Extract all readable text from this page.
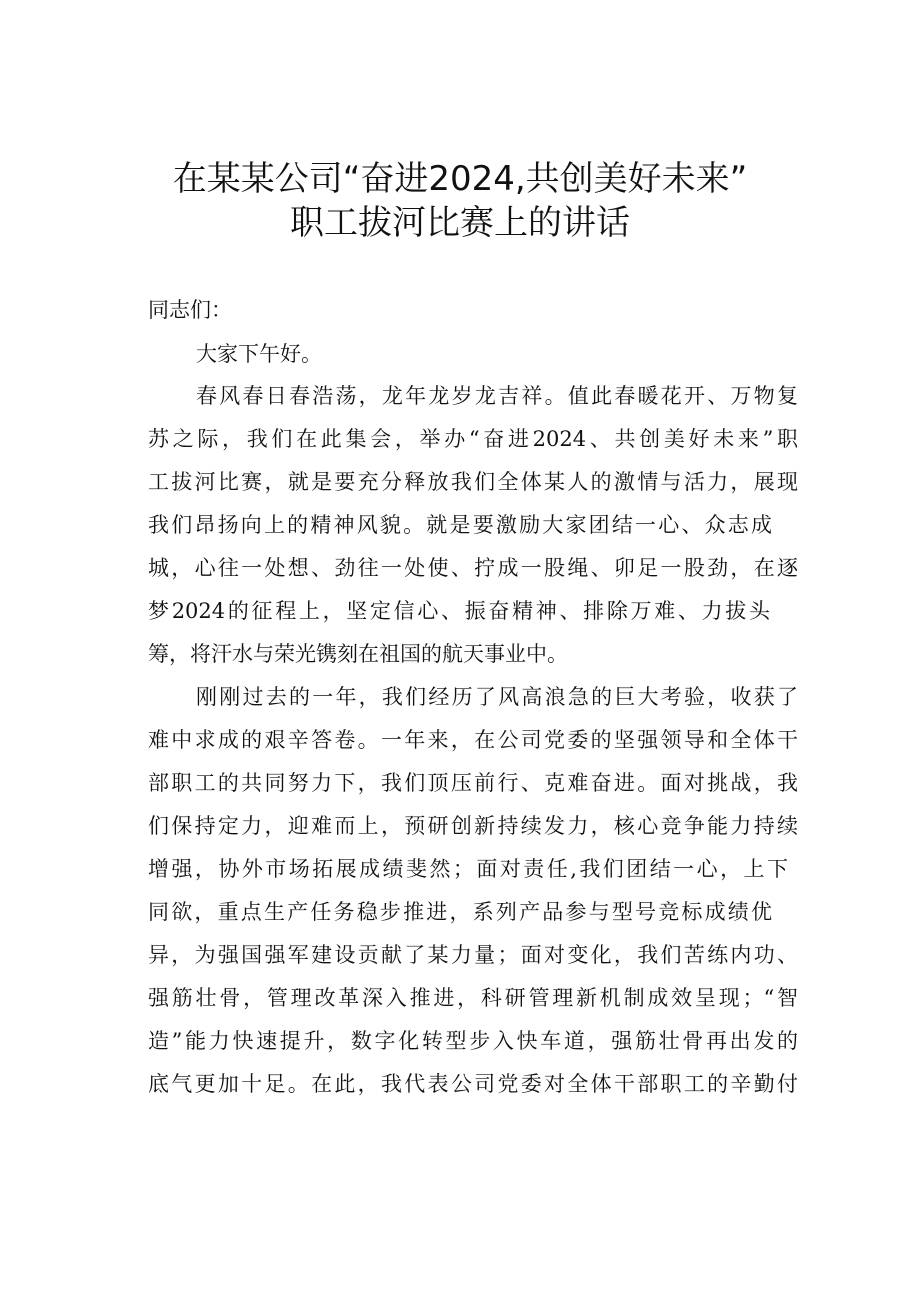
在某某公司“奋进2024,共创美好未来”
职工拔河比赛上的讲话
同志们：
大家下午好。
春风春日春浩荡，龙年龙岁龙吉祥。值此春暖花开、万物复
苏之际，我们在此集会，举办“奋进2024、共创美好未来”职
工拔河比赛，就是要充分释放我们全体某人的激情与活力，展现
我们昂扬向上的精神风貌。就是要激励大家团结一心、众志成
城，心往一处想、劲往一处使、拧成一股绳、卯足一股劲，在逐
梦2024的征程上，坚定信心、振奋精神、排除万难、力拔头
筹，将汗水与荣光镌刻在祖国的航天事业中。
刚刚过去的一年，我们经历了风高浪急的巨大考验，收获了
难中求成的艰辛答卷。一年来，在公司党委的坚强领导和全体干
部职工的共同努力下，我们顶压前行、克难奋进。面对挑战，我
们保持定力，迎难而上，预研创新持续发力，核心竞争能力持续
增强，协外市场拓展成绩斐然；面对责任,我们团结一心，上下
同欲，重点生产任务稳步推进，系列产品参与型号竞标成绩优
异，为强国强军建设贡献了某力量；面对变化，我们苦练内功、
强筋壮骨，管理改革深入推进，科研管理新机制成效呈现；“智
造”能力快速提升，数字化转型步入快车道，强筋壮骨再出发的
底气更加十足。在此，我代表公司党委对全体干部职工的辛勤付
